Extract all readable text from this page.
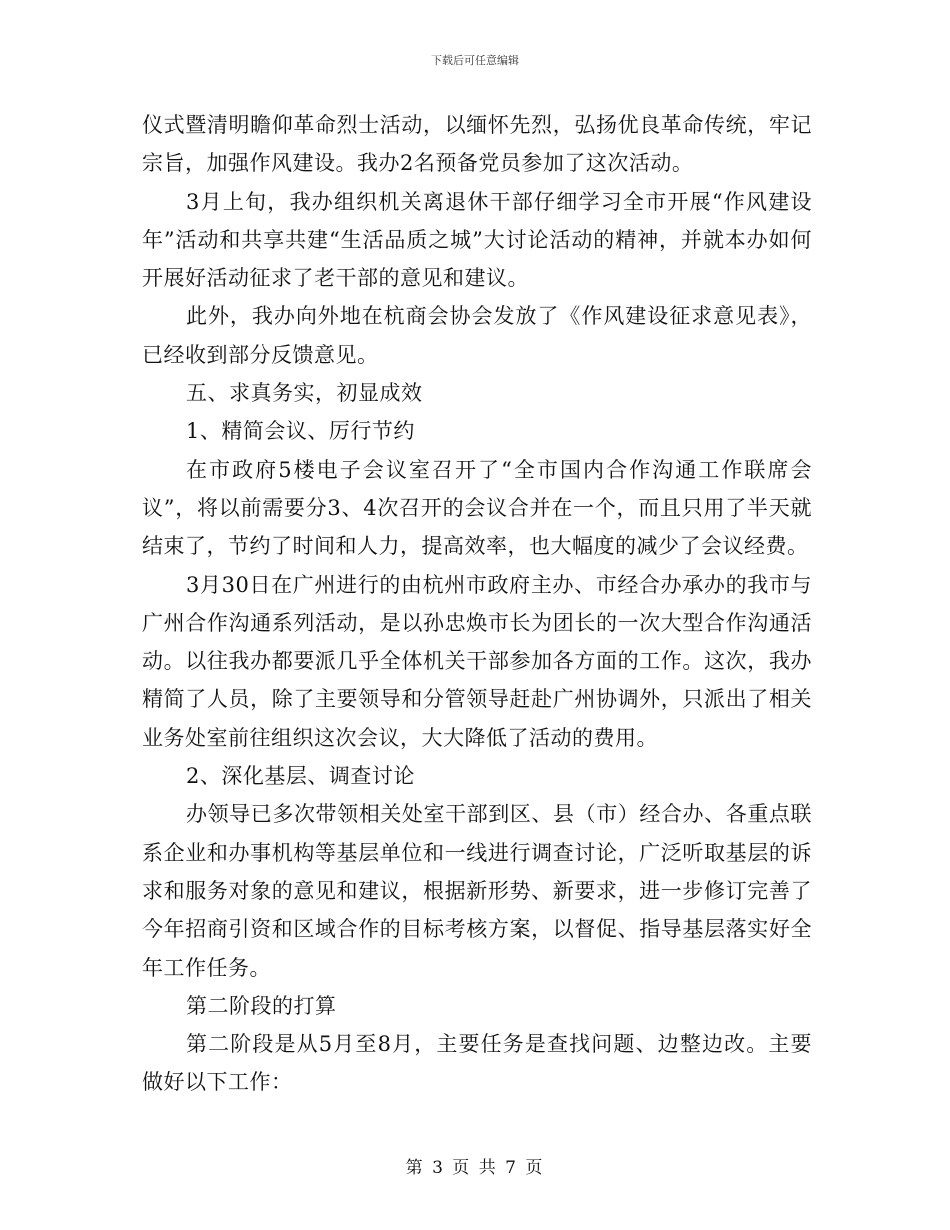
下载后可任意编辑

仪式暨清明瞻仰革命烈士活动，以缅怀先烈，弘扬优良革命传统，牢记宗旨，加强作风建设。我办2名预备党员参加了这次活动。

3月上旬，我办组织机关离退休干部仔细学习全市开展“作风建设年”活动和共享共建“生活品质之城”大讨论活动的精神，并就本办如何开展好活动征求了老干部的意见和建议。

此外，我办向外地在杭商会协会发放了《作风建设征求意见表》，已经收到部分反馈意见。

五、求真务实，初显成效

1、精简会议、厉行节约

在市政府5楼电子会议室召开了“全市国内合作沟通工作联席会议”，将以前需要分3、4次召开的会议合并在一个，而且只用了半天就结束了，节约了时间和人力，提高效率，也大幅度的减少了会议经费。

3月30日在广州进行的由杭州市政府主办、市经合办承办的我市与广州合作沟通系列活动，是以孙忠焕市长为团长的一次大型合作沟通活动。以往我办都要派几乎全体机关干部参加各方面的工作。这次，我办精简了人员，除了主要领导和分管领导赶赴广州协调外，只派出了相关业务处室前往组织这次会议，大大降低了活动的费用。

2、深化基层、调查讨论

办领导已多次带领相关处室干部到区、县（市）经合办、各重点联系企业和办事机构等基层单位和一线进行调查讨论，广泛听取基层的诉求和服务对象的意见和建议，根据新形势、新要求，进一步修订完善了今年招商引资和区域合作的目标考核方案，以督促、指导基层落实好全年工作任务。

第二阶段的打算

第二阶段是从5月至8月，主要任务是查找问题、边整边改。主要做好以下工作：

第 3 页 共 7 页
